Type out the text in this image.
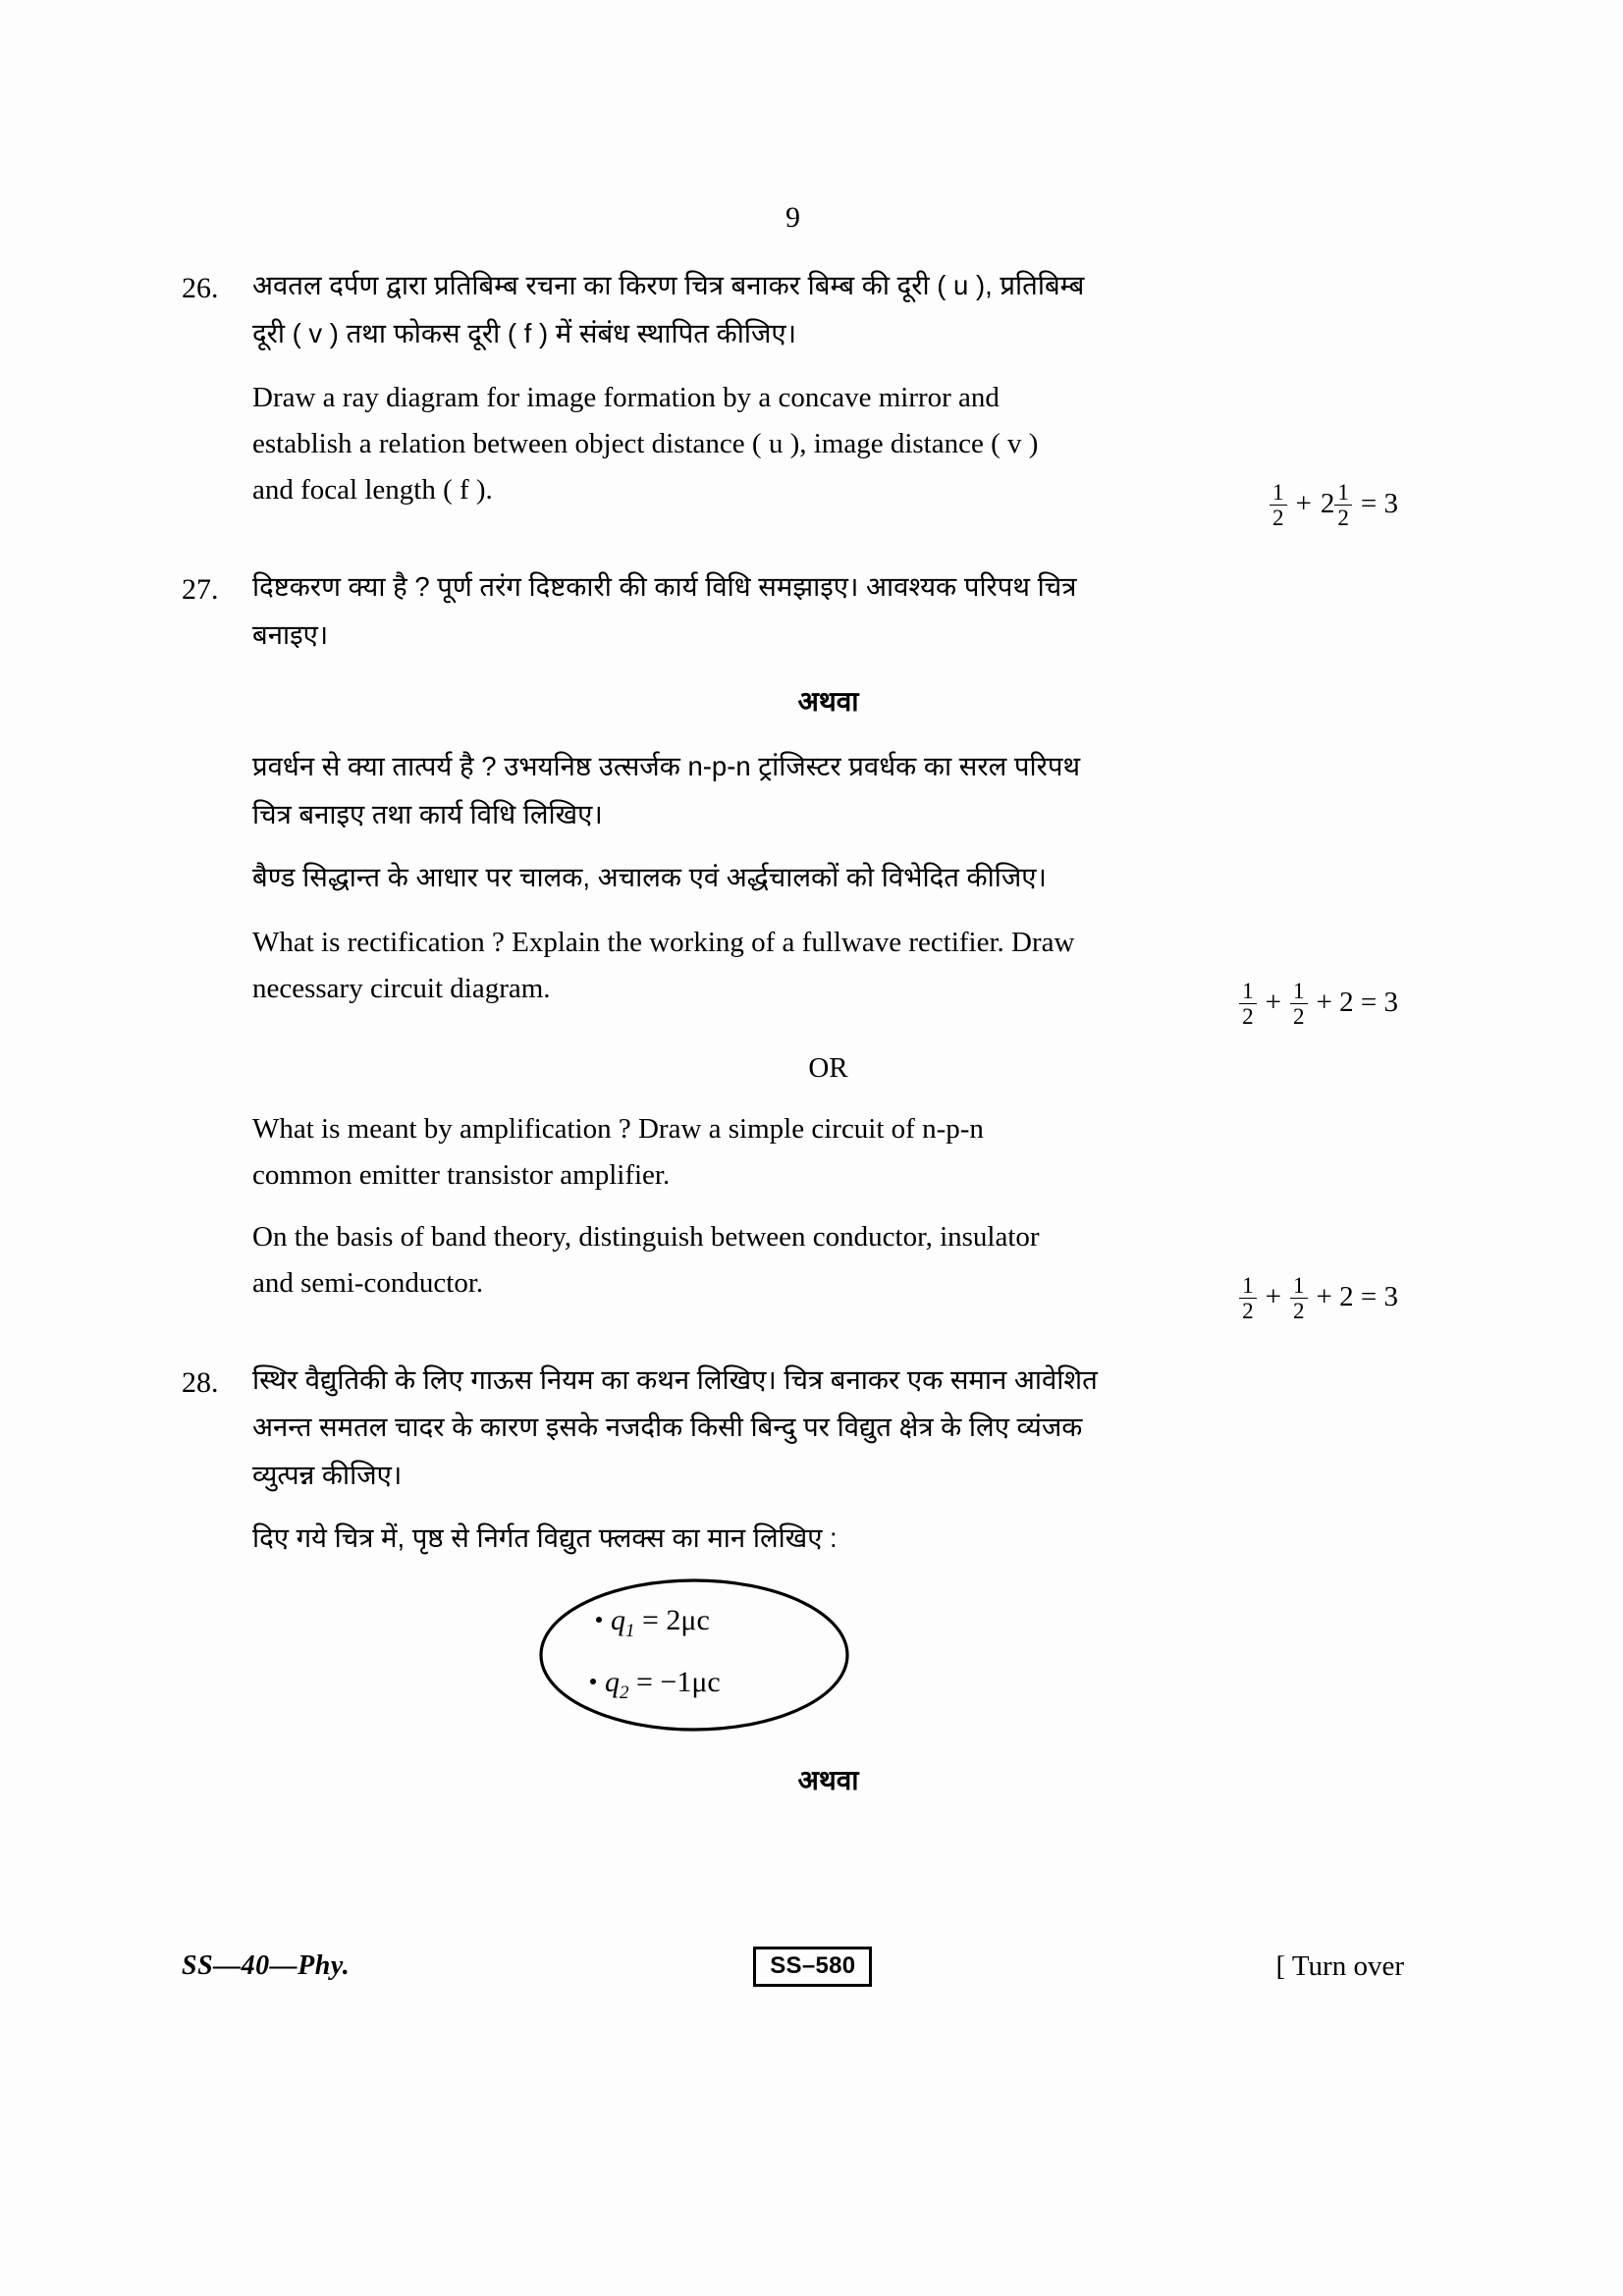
9
26.	अवतल दर्पण द्वारा प्रतिबिम्ब रचना का किरण चित्र बनाकर बिम्ब की दूरी ( u ), प्रतिबिम्ब

दूरी ( v ) तथा फोकस दूरी ( f ) में संबंध स्थापित कीजिए।

Draw a ray diagram for image formation by a concave mirror and

establish a relation between object distance ( u ), image distance ( v )

and focal length ( f ).	$\frac{1}{2} + 2 \frac{1}{2} = 3$
27.	दिष्टकरण क्या है ? पूर्ण तरंग दिष्टकारी की कार्य विधि समझाइए। आवश्यक परिपथ चित्र

बनाइए।

अथवा

प्रवर्धन से क्या तात्पर्य है ? उभयनिष्ठ उत्सर्जक n-p-n ट्रांजिस्टर प्रवर्धक का सरल परिपथ

चित्र बनाइए तथा कार्य विधि लिखिए।

बैण्ड सिद्धान्त के आधार पर चालक, अचालक एवं अर्द्धचालकों को विभेदित कीजिए।

What is rectification ? Explain the working of a fullwave rectifier. Draw

necessary circuit diagram.	$\frac{1}{2} + \frac{1}{2} + 2 = 3$
OR

What is meant by amplification ? Draw a simple circuit of n-p-n

common emitter transistor amplifier.

On the basis of band theory, distinguish between conductor, insulator

and semi-conductor.	$\frac{1}{2} + \frac{1}{2} + 2 = 3$
28.	स्थिर वैद्युतिकी के लिए गाऊस नियम का कथन लिखिए। चित्र बनाकर एक समान आवेशित

अनन्त समतल चादर के कारण इसके नजदीक किसी बिन्दु पर विद्युत क्षेत्र के लिए व्यंजक

व्युत्पन्न कीजिए।

दिए गये चित्र में, पृष्ठ से निर्गत विद्युत फ्लक्स का मान लिखिए :

$q_1 = 2\mu c$
$q_2 = -1\mu c$
अथवा
SS—40—Phy.	SS–580	[ Turn over
